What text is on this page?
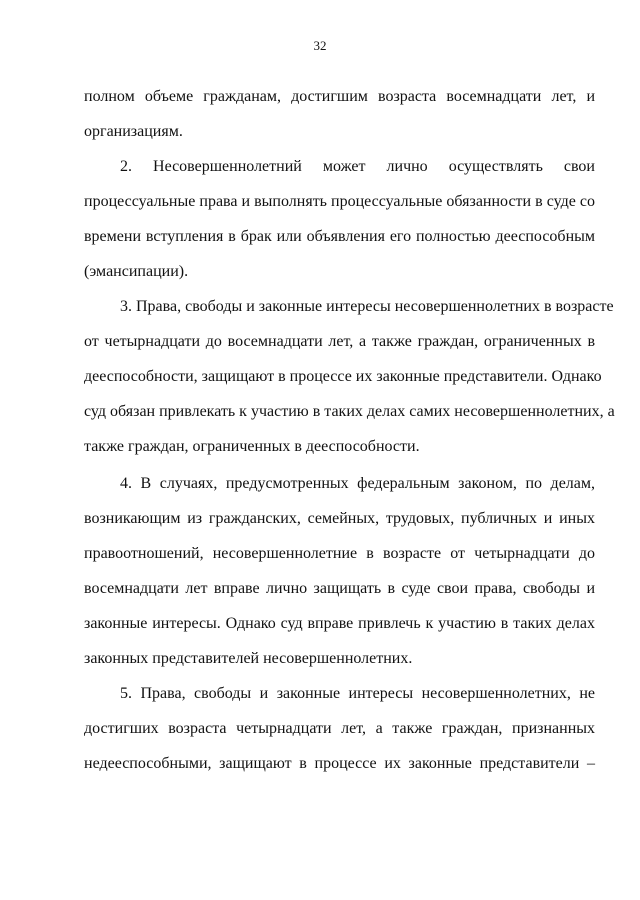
32
полном объеме гражданам, достигшим возраста восемнадцати лет, и
организациям.
2. Несовершеннолетний может лично осуществлять свои
процессуальные права и выполнять процессуальные обязанности в суде со
времени вступления в брак или объявления его полностью дееспособным
(эмансипации).
3. Права, свободы и законные интересы несовершеннолетних в возрасте
от четырнадцати до восемнадцати лет, а также граждан, ограниченных в
дееспособности, защищают в процессе их законные представители. Однако
суд обязан привлекать к участию в таких делах самих несовершеннолетних, а
также граждан, ограниченных в дееспособности.
4. В случаях, предусмотренных федеральным законом, по делам,
возникающим из гражданских, семейных, трудовых, публичных и иных
правоотношений, несовершеннолетние в возрасте от четырнадцати до
восемнадцати лет вправе лично защищать в суде свои права, свободы и
законные интересы. Однако суд вправе привлечь к участию в таких делах
законных представителей несовершеннолетних.
5. Права, свободы и законные интересы несовершеннолетних, не
достигших возраста четырнадцати лет, а также граждан, признанных
недееспособными, защищают в процессе их законные представители –
